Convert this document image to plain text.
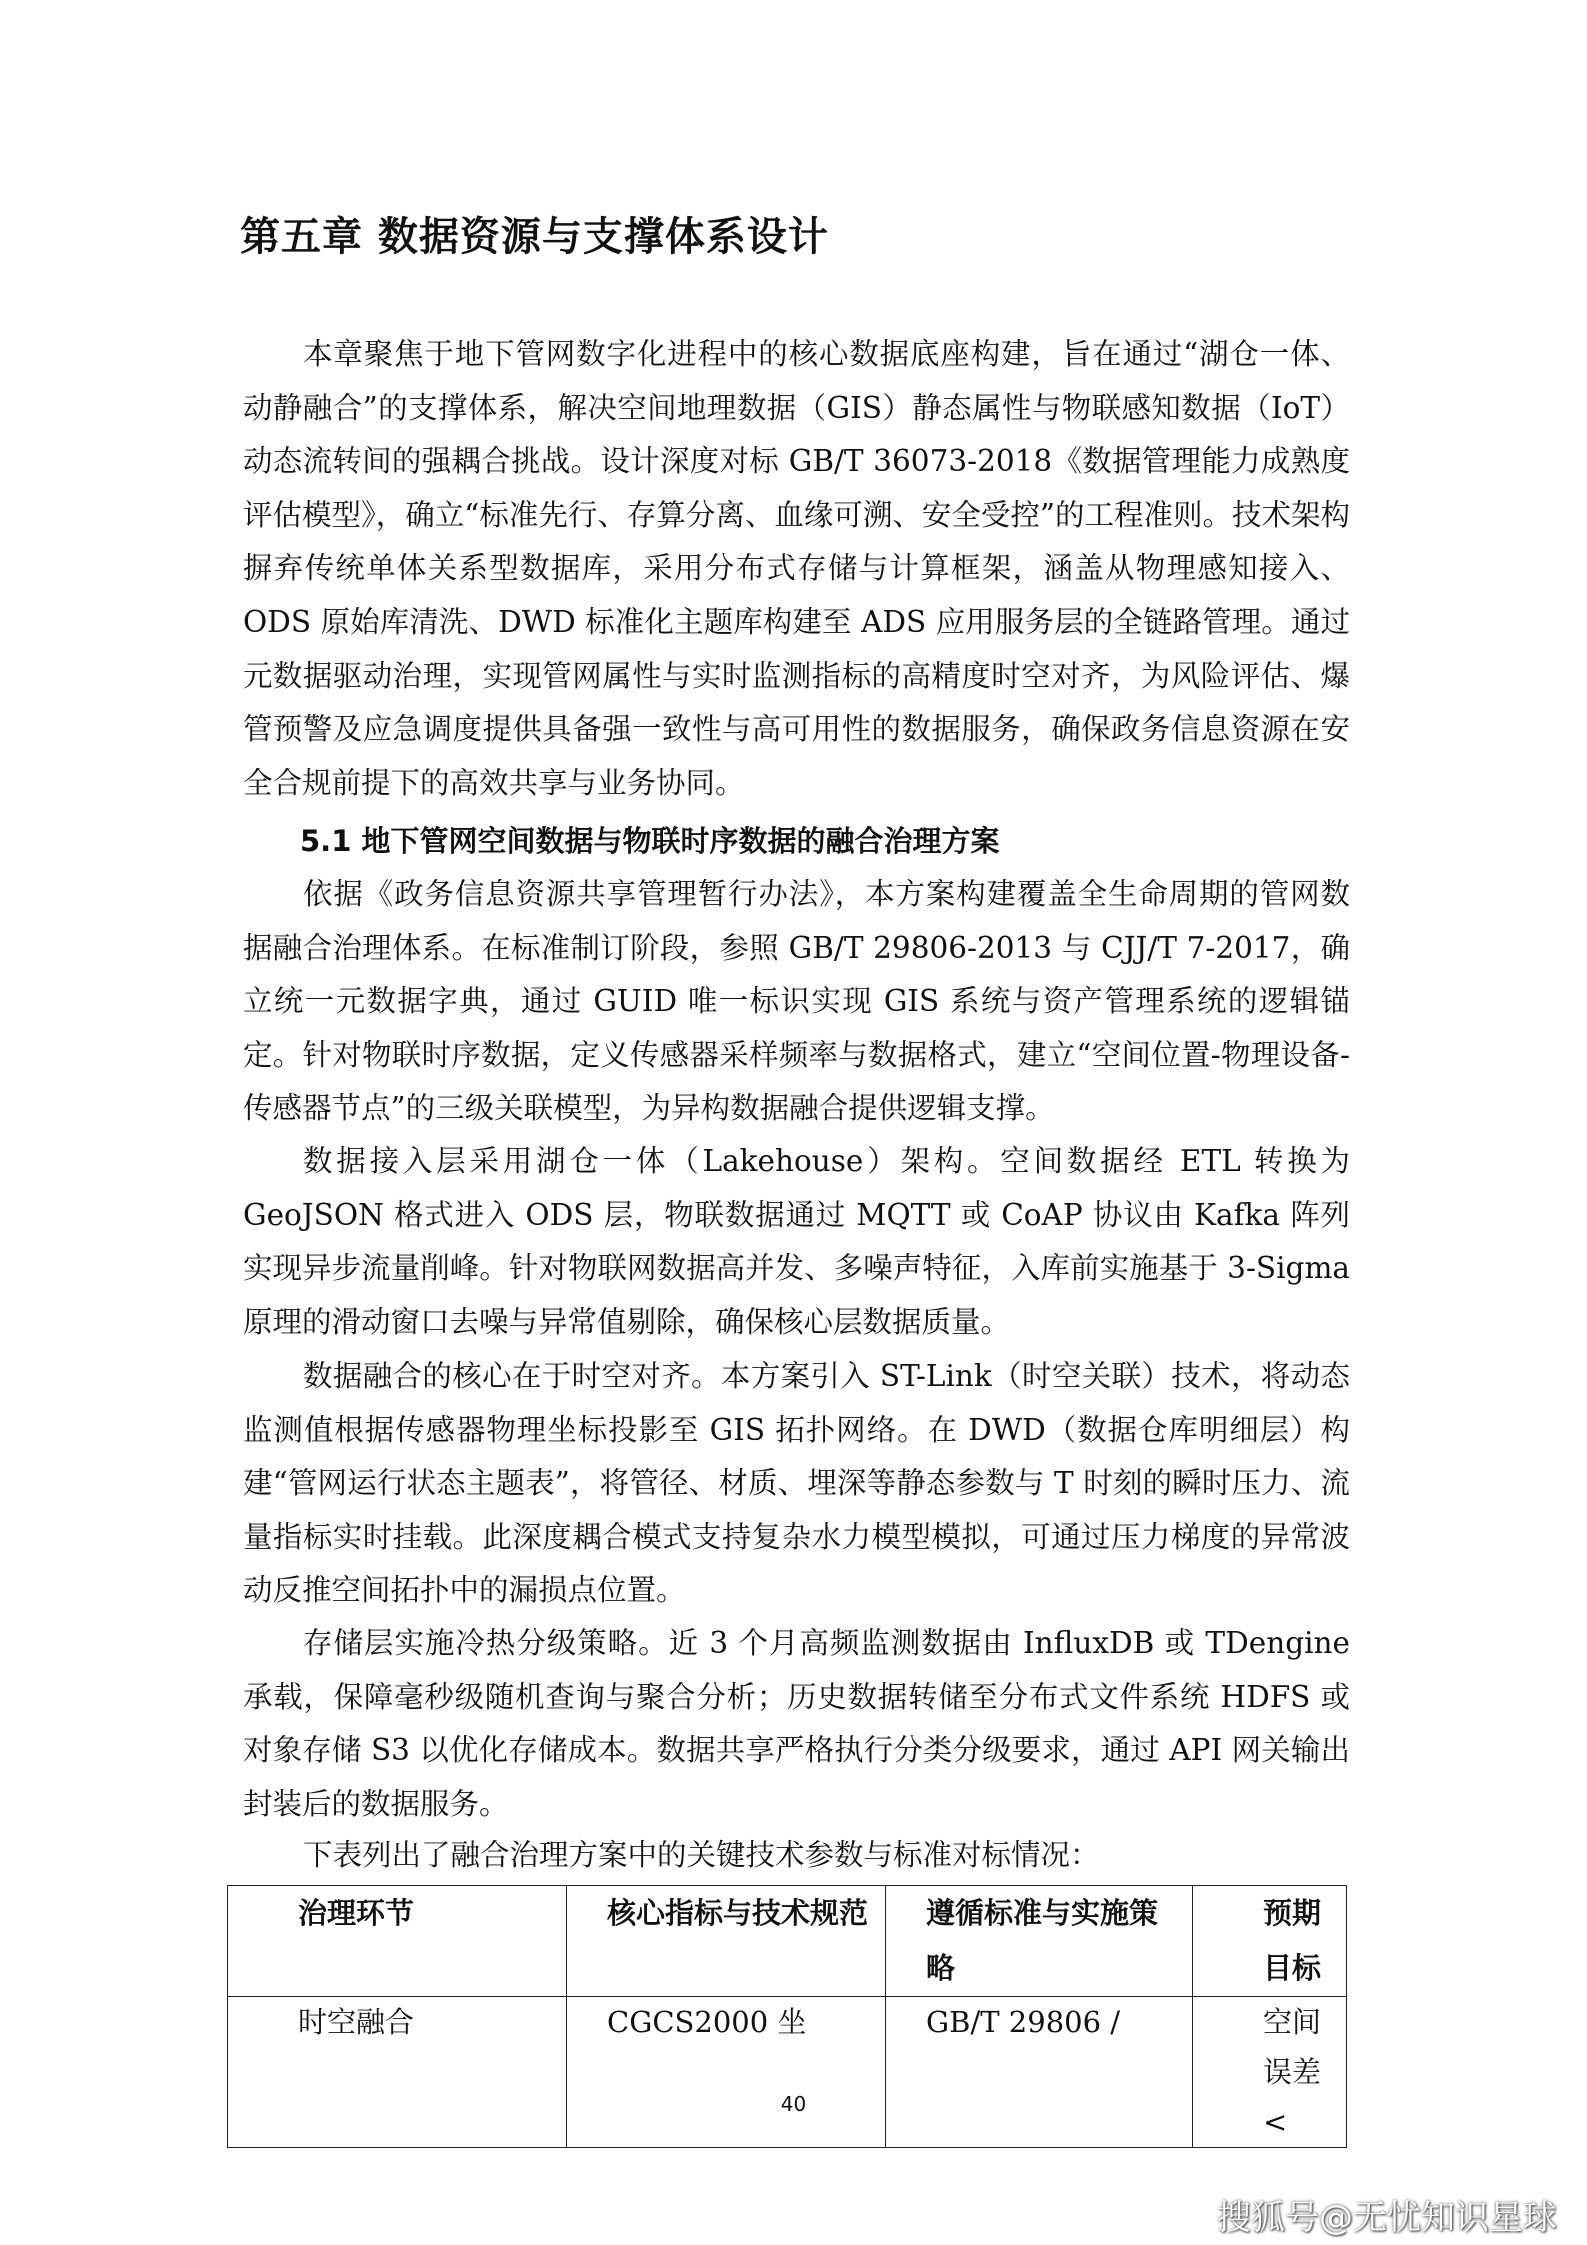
第五章 数据资源与支撑体系设计

本章聚焦于地下管网数字化进程中的核心数据底座构建，旨在通过“湖仓一体、动静融合”的支撑体系，解决空间地理数据（GIS）静态属性与物联感知数据（IoT）动态流转间的强耦合挑战。设计深度对标 GB/T 36073-2018《数据管理能力成熟度评估模型》，确立“标准先行、存算分离、血缘可溯、安全受控”的工程准则。技术架构摒弃传统单体关系型数据库，采用分布式存储与计算框架，涵盖从物理感知接入、ODS 原始库清洗、DWD 标准化主题库构建至 ADS 应用服务层的全链路管理。通过元数据驱动治理，实现管网属性与实时监测指标的高精度时空对齐，为风险评估、爆管预警及应急调度提供具备强一致性与高可用性的数据服务，确保政务信息资源在安全合规前提下的高效共享与业务协同。

5.1 地下管网空间数据与物联时序数据的融合治理方案

依据《政务信息资源共享管理暂行办法》，本方案构建覆盖全生命周期的管网数据融合治理体系。在标准制订阶段，参照 GB/T 29806-2013 与 CJJ/T 7-2017，确立统一元数据字典，通过 GUID 唯一标识实现 GIS 系统与资产管理系统的逻辑锚定。针对物联时序数据，定义传感器采样频率与数据格式，建立“空间位置-物理设备-传感器节点”的三级关联模型，为异构数据融合提供逻辑支撑。

数据接入层采用湖仓一体（Lakehouse）架构。空间数据经 ETL 转换为 GeoJSON 格式进入 ODS 层，物联数据通过 MQTT 或 CoAP 协议由 Kafka 阵列实现异步流量削峰。针对物联网数据高并发、多噪声特征，入库前实施基于 3-Sigma 原理的滑动窗口去噪与异常值剔除，确保核心层数据质量。

数据融合的核心在于时空对齐。本方案引入 ST-Link（时空关联）技术，将动态监测值根据传感器物理坐标投影至 GIS 拓扑网络。在 DWD（数据仓库明细层）构建“管网运行状态主题表”，将管径、材质、埋深等静态参数与 T 时刻的瞬时压力、流量指标实时挂载。此深度耦合模式支持复杂水力模型模拟，可通过压力梯度的异常波动反推空间拓扑中的漏损点位置。

存储层实施冷热分级策略。近 3 个月高频监测数据由 InfluxDB 或 TDengine 承载，保障毫秒级随机查询与聚合分析；历史数据转储至分布式文件系统 HDFS 或对象存储 S3 以优化存储成本。数据共享严格执行分类分级要求，通过 API 网关输出封装后的数据服务。

下表列出了融合治理方案中的关键技术参数与标准对标情况：

治理环节	核心指标与技术规范	遵循标准与实施策略	预期目标
时空融合	CGCS2000 坐	GB/T 29806 /	空间误差 <
40
搜狐号@无忧知识星球
